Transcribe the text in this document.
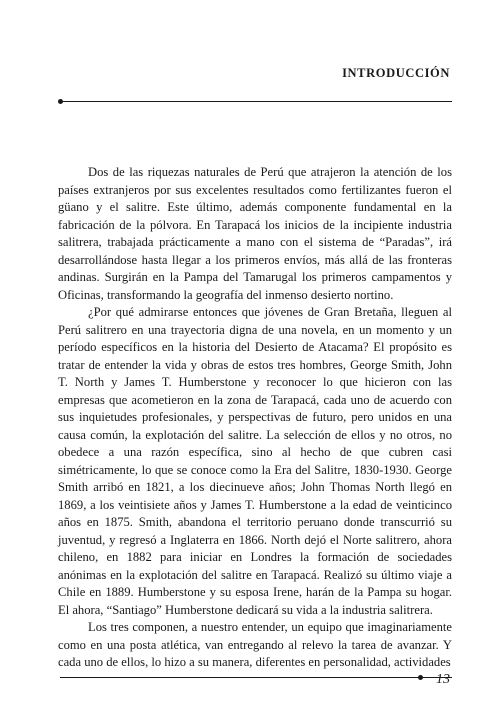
INTRODUCCIÓN

Dos de las riquezas naturales de Perú que atrajeron la atención de los países extranjeros por sus excelentes resultados como fertilizantes fueron el güano y el salitre. Este último, además componente fundamental en la fabricación de la pólvora. En Tarapacá los inicios de la incipiente industria salitrera, trabajada prácticamente a mano con el sistema de “Paradas”, irá desarrollándose hasta llegar a los primeros envíos, más allá de las fronteras andinas. Surgirán en la Pampa del Tamarugal los primeros campamentos y Oficinas, transformando la geografía del inmenso desierto nortino.

¿Por qué admirarse entonces que jóvenes de Gran Bretaña, lleguen al Perú salitrero en una trayectoria digna de una novela, en un momento y un período específicos en la historia del Desierto de Atacama? El propósito es tratar de entender la vida y obras de estos tres hombres, George Smith, John T. North y James T. Humberstone y reconocer lo que hicieron con las empresas que acometieron en la zona de Tarapacá, cada uno de acuerdo con sus inquietudes profesionales, y perspectivas de futuro, pero unidos en una causa común, la explotación del salitre. La selección de ellos y no otros, no obedece a una razón específica, sino al hecho de que cubren casi simétricamente, lo que se conoce como la Era del Salitre, 1830-1930. George Smith arribó en 1821, a los diecinueve años; John Thomas North llegó en 1869, a los veintisiete años y James T. Humberstone a la edad de veinticinco años en 1875. Smith, abandona el territorio peruano donde transcurrió su juventud, y regresó a Inglaterra en 1866. North dejó el Norte salitrero, ahora chileno, en 1882 para iniciar en Londres la formación de sociedades anónimas en la explotación del salitre en Tarapacá. Realizó su último viaje a Chile en 1889. Humberstone y su esposa Irene, harán de la Pampa su hogar. El ahora, “Santiago” Humberstone dedicará su vida a la industria salitrera.

Los tres componen, a nuestro entender, un equipo que imaginariamente como en una posta atlética, van entregando al relevo la tarea de avanzar. Y cada uno de ellos, lo hizo a su manera, diferentes en personalidad, actividades

13
